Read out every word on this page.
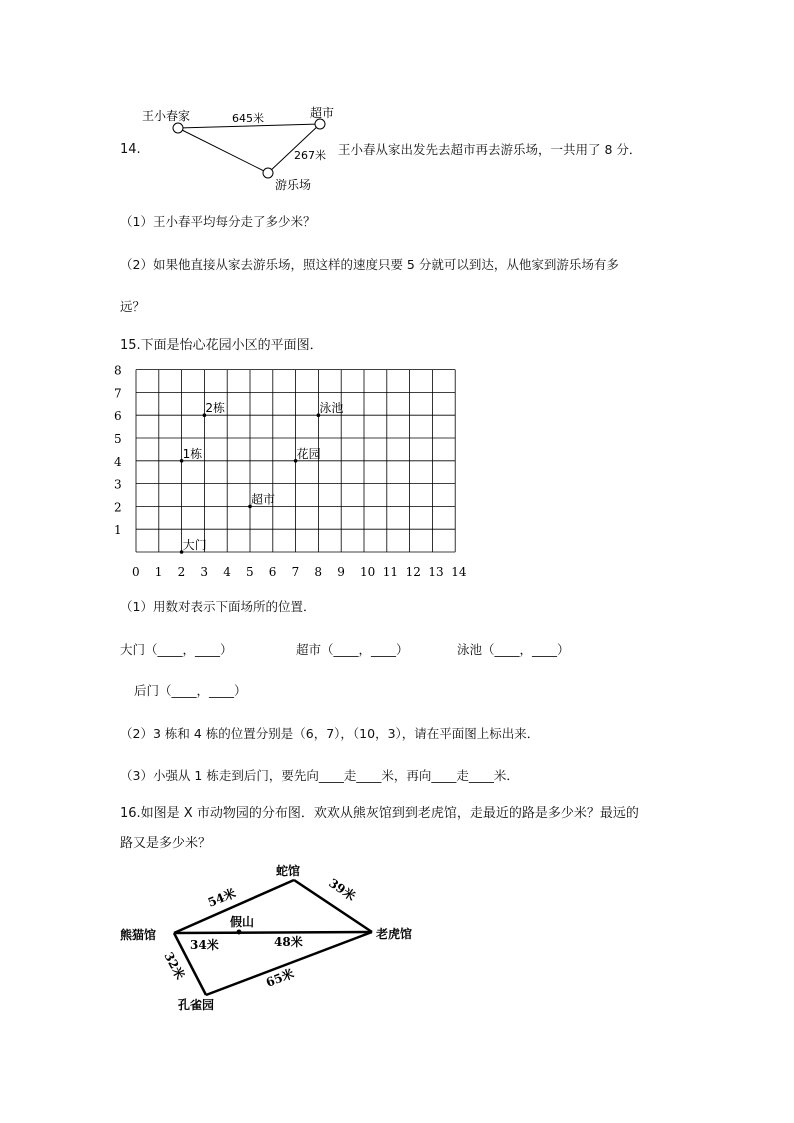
14.
王小春家	超市
游乐场
645米
267米 王小春从家出发先去超市再去游乐场，一共用了 8 分．
（1）王小春平均每分走了多少米？
（2）如果他直接从家去游乐场，照这样的速度只要 5 分就可以到达，从他家到游乐场有多
远？
15.下面是怡心花园小区的平面图．
0 1 2 3 4 5 6 7 8 9 10 11 12 13 14
1
2
3
4
5
6
7
8
2栋	泳池
1栋	花园
超市
大门
（1）用数对表示下面场所的位置．
大门（____，____）	超市（____，____）	泳池（____，____）
后门（____，____）
（2）3 栋和 4 栋的位置分别是（6，7），（10，3），请在平面图上标出来．
（3）小强从 1 栋走到后门，要先向____走____米，再向____走____米．
16.如图是 X 市动物园的分布图．欢欢从熊灰馆到到老虎馆，走最近的路是多少米？最远的
路又是多少米？
熊猫馆
蛇馆
老虎馆
孔雀园
假山
54米	39米
34米	48米
32米	65米
